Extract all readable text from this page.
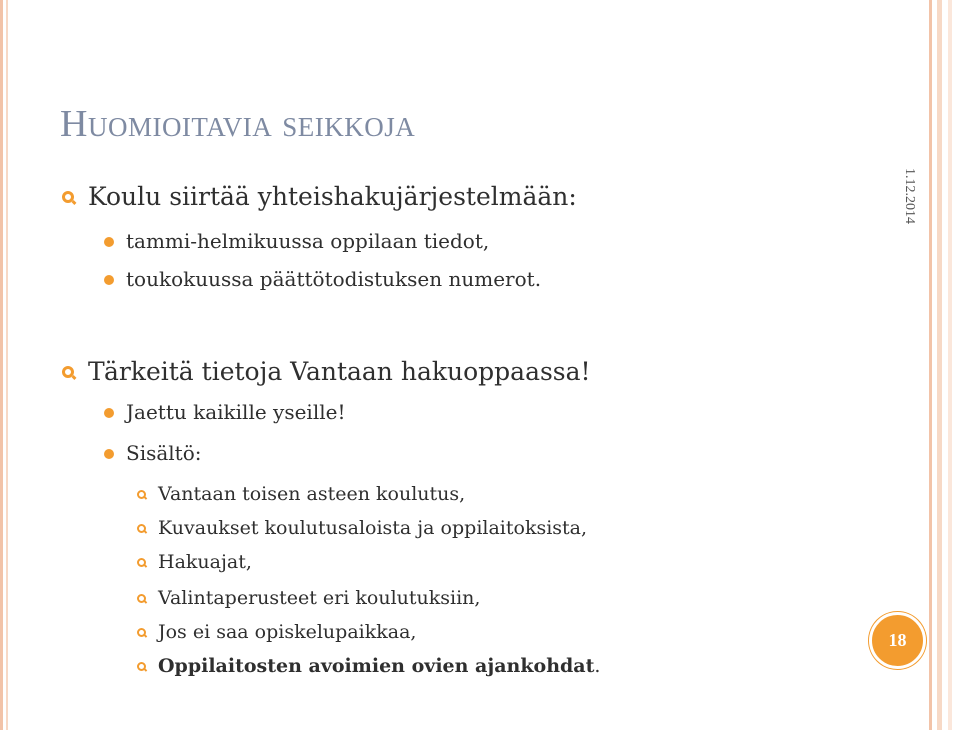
Huomioitavia seikkoja
1.12.2014
Koulu siirtää yhteishakujärjestelmään:
tammi-helmikuussa oppilaan tiedot,
toukokuussa päättötodistuksen numerot.
Tärkeitä tietoja Vantaan hakuoppaassa!
Jaettu kaikille yseille!
Sisältö:
Vantaan toisen asteen koulutus,
Kuvaukset koulutusaloista ja oppilaitoksista,
Hakuajat,
Valintaperusteet eri koulutuksiin,
Jos ei saa opiskelupaikkaa,
Oppilaitosten avoimien ovien ajankohdat.
18
